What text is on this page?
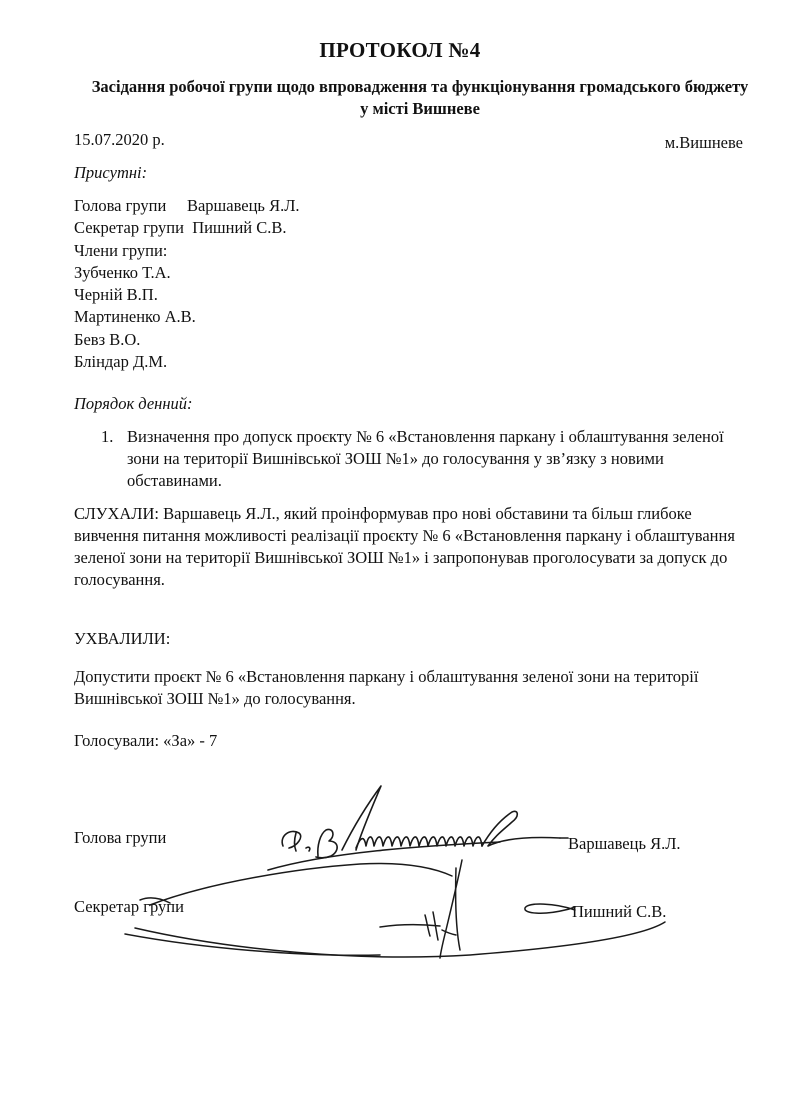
ПРОТОКОЛ №4
Засідання робочої групи щодо впровадження та функціонування громадського бюджету у місті Вишневе
15.07.2020 р.	м.Вишневе
Присутні:
Голова групи     Варшавець Я.Л.
Секретар групи  Пишний С.В.
Члени групи:
Зубченко Т.А.
Черній В.П.
Мартиненко А.В.
Бевз В.О.
Бліндар Д.М.
Порядок денний:
1. Визначення про допуск проєкту № 6 «Встановлення паркану і облаштування зеленої зони на території Вишнівської ЗОШ №1» до голосування у зв’язку з новими обставинами.
СЛУХАЛИ: Варшавець Я.Л., який проінформував про нові обставини та більш глибоке вивчення питання можливості реалізації проєкту № 6 «Встановлення паркану і облаштування зеленої зони на території Вишнівської ЗОШ №1» і запропонував проголосувати за допуск до голосування.
УХВАЛИЛИ:
Допустити проєкт № 6 «Встановлення паркану і облаштування зеленої зони на території Вишнівської ЗОШ №1» до голосування.
Голосували: «За» - 7
Голова групи	Варшавець Я.Л.
Секретар групи	Пишний С.В.
